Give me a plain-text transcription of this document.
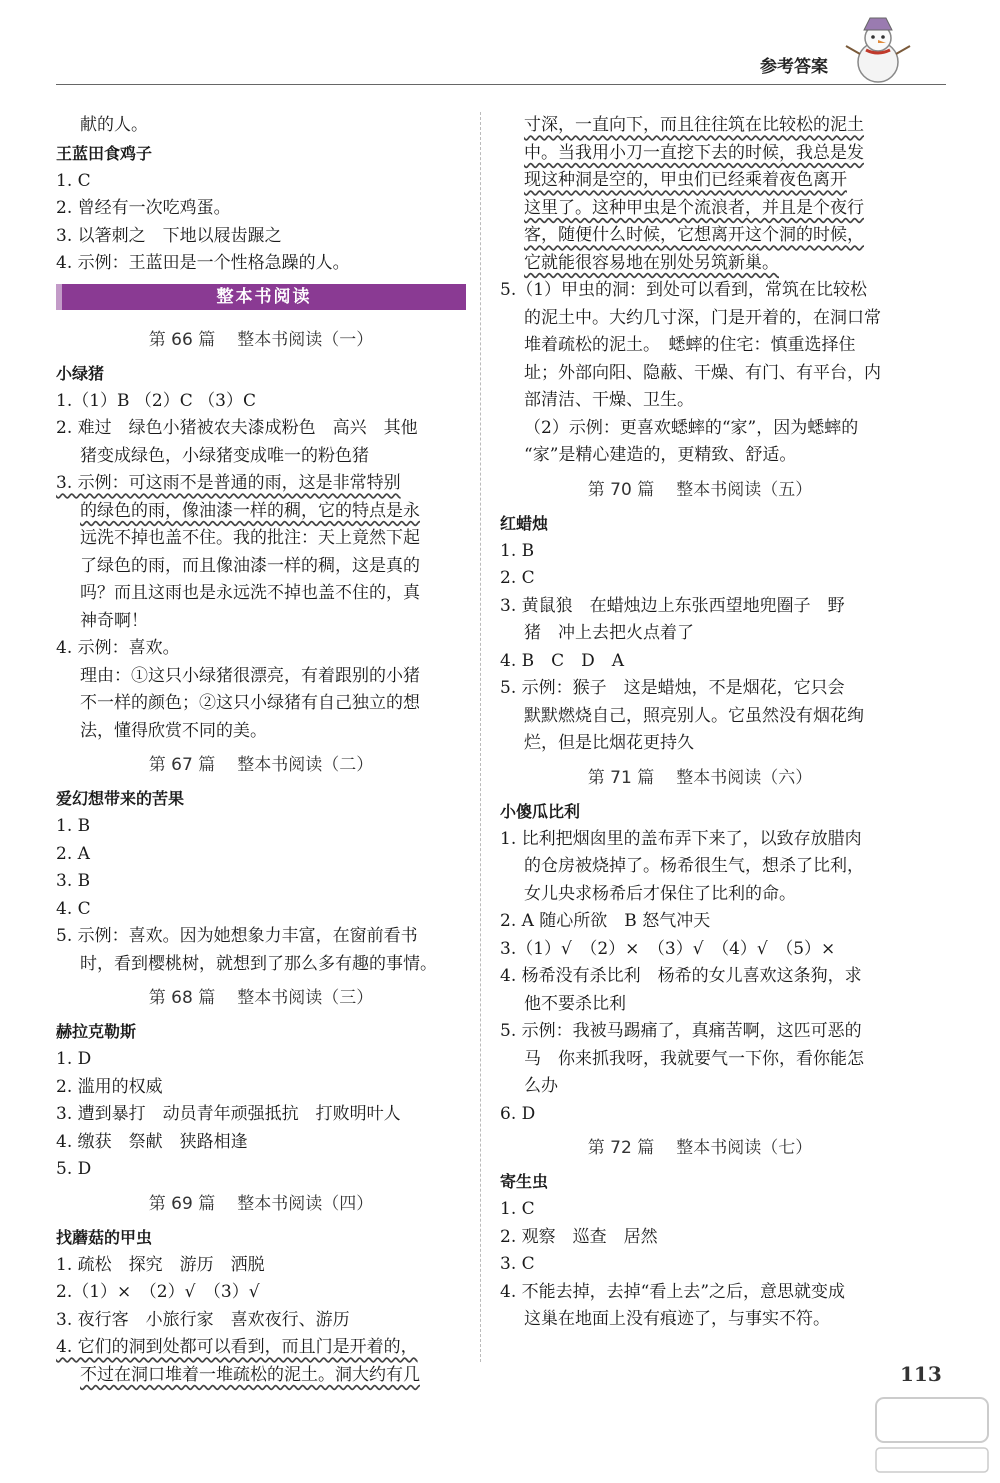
参考答案
献的人。
王蓝田食鸡子
1. C
2. 曾经有一次吃鸡蛋。
3. 以箸刺之　下地以屐齿蹍之
4. 示例：王蓝田是一个性格急躁的人。
整本书阅读
第 66 篇 整本书阅读（一）
小绿猪
1.（1）B （2）C （3）C
2. 难过　绿色小猪被农夫漆成粉色　高兴　其他
猪变成绿色，小绿猪变成唯一的粉色猪
3. 示例：可这雨不是普通的雨，这是非常特别
的绿色的雨，像油漆一样的稠，它的特点是永
远洗不掉也盖不住。我的批注：天上竟然下起
了绿色的雨，而且像油漆一样的稠，这是真的
吗？而且这雨也是永远洗不掉也盖不住的，真
神奇啊！
4. 示例：喜欢。
理由：①这只小绿猪很漂亮，有着跟别的小猪
不一样的颜色；②这只小绿猪有自己独立的想
法，懂得欣赏不同的美。
第 67 篇 整本书阅读（二）
爱幻想带来的苦果
1. B
2. A
3. B
4. C
5. 示例：喜欢。因为她想象力丰富，在窗前看书
时，看到樱桃树，就想到了那么多有趣的事情。
第 68 篇 整本书阅读（三）
赫拉克勒斯
1. D
2. 滥用的权威
3. 遭到暴打　动员青年顽强抵抗　打败明叶人
4. 缴获　祭献　狭路相逢
5. D
第 69 篇 整本书阅读（四）
找蘑菇的甲虫
1. 疏松　探究　游历　洒脱
2.（1）×　（2）√　（3）√
3. 夜行客　小旅行家　喜欢夜行、游历
4. 它们的洞到处都可以看到，而且门是开着的，
不过在洞口堆着一堆疏松的泥土。洞大约有几
寸深，一直向下，而且往往筑在比较松的泥土
中。当我用小刀一直挖下去的时候，我总是发
现这种洞是空的，甲虫们已经乘着夜色离开
这里了。这种甲虫是个流浪者，并且是个夜行
客，随便什么时候，它想离开这个洞的时候，
它就能很容易地在别处另筑新巢。
5.（1）甲虫的洞：到处可以看到，常筑在比较松
的泥土中。大约几寸深，门是开着的，在洞口常
堆着疏松的泥土。　蟋蟀的住宅：慎重选择住
址；外部向阳、隐蔽、干燥、有门、有平台，内
部清洁、干燥、卫生。
（2）示例：更喜欢蟋蟀的“家”，因为蟋蟀的
“家”是精心建造的，更精致、舒适。
第 70 篇 整本书阅读（五）
红蜡烛
1. B
2. C
3. 黄鼠狼　在蜡烛边上东张西望地兜圈子　野
猪　冲上去把火点着了
4. B　C　D　A
5. 示例：猴子　这是蜡烛，不是烟花，它只会
默默燃烧自己，照亮别人。它虽然没有烟花绚
烂，但是比烟花更持久
第 71 篇 整本书阅读（六）
小傻瓜比利
1. 比利把烟囱里的盖布弄下来了，以致存放腊肉
的仓房被烧掉了。杨希很生气，想杀了比利，
女儿央求杨希后才保住了比利的命。
2. A 随心所欲　B 怒气冲天
3.（1）√　（2）×　（3）√　（4）√　（5）×
4. 杨希没有杀比利　杨希的女儿喜欢这条狗，求
他不要杀比利
5. 示例：我被马踢痛了，真痛苦啊，这匹可恶的
马　你来抓我呀，我就要气一下你，看你能怎
么办
6. D
第 72 篇 整本书阅读（七）
寄生虫
1. C
2. 观察　巡查　居然
3. C
4. 不能去掉，去掉“看上去”之后，意思就变成
这巢在地面上没有痕迹了，与事实不符。
113
